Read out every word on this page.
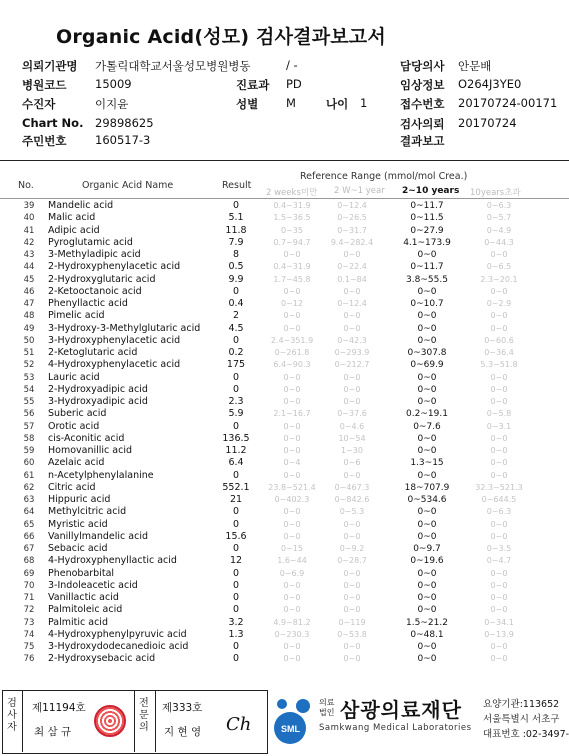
Organic Acid(성모) 검사결과보고서
의뢰기관명 가톨릭대학교서울성모병원병동	/ -	담당의사 안문배
병원코드 15009	진료과 PD	임상정보 O264J3YE0
수진자	이지윤	성별 M	나이 1	접수번호 20170724-00171
Chart No. 29898625	검사의뢰 20170724
주민번호 160517-3	결과보고
Reference Range (mmol/mol Crea.)
No.	Organic Acid Name	Result
2 weeks미만 2 W~1 year 2~10 years 10years초과
39	Mandelic acid	0	0.4~31.9	0~12.4	0~11.7	0~6.3
40	Malic acid	5.1	1.5~36.5	0~26.5	0~11.5	0~5.7
41	Adipic acid	11.8	0~35	0~31.7	0~27.9	0~4.9
42	Pyroglutamic acid	7.9	0.7~94.7	9.4~282.4	4.1~173.9	0~44.3
43	3-Methyladipic acid	8	0~0	0~0	0~0	0~0
44	2-Hydroxyphenylacetic acid	0.5	0.4~31.9	0~22.4	0~11.7	0~6.5
45	2-Hydroxyglutaric acid	9.9	1.7~45.8	0.1~84	3.8~55.5	2.3~20.1
46	2-Ketooctanoic acid	0	0~0	0~0	0~0	0~0
47	Phenyllactic acid	0.4	0~12	0~12.4	0~10.7	0~2.9
48	Pimelic acid	2	0~0	0~0	0~0	0~0
49	3-Hydroxy-3-Methylglutaric acid	4.5	0~0	0~0	0~0	0~0
50	3-Hydroxyphenylacetic acid	0	2.4~351.9	0~42.3	0~0	0~60.6
51	2-Ketoglutaric acid	0.2	0~261.8	0~293.9	0~307.8	0~36.4
52	4-Hydroxyphenylacetic acid	175	6.4~90.3	0~212.7	0~69.9	5.3~51.8
53	Lauric acid	0	0~0	0~0	0~0	0~0
54	2-Hydroxyadipic acid	0	0~0	0~0	0~0	0~0
55	3-Hydroxyadipic acid	2.3	0~0	0~0	0~0	0~0
56	Suberic acid	5.9	2.1~16.7	0~37.6	0.2~19.1	0~5.8
57	Orotic acid	0	0~0	0~4.6	0~7.6	0~3.1
58	cis-Aconitic acid	136.5	0~0	10~54	0~0	0~0
59	Homovanillic acid	11.2	0~0	1~30	0~0	0~0
60	Azelaic acid	6.4	0~4	0~6	1.3~15	0~0
61	n-Acetylphenylalanine	0	0~0	0~0	0~0	0~0
62	Citric acid	552.1	23.8~521.4	0~467.3	18~707.9	32.3~521.3
63	Hippuric acid	21	0~402.3	0~842.6	0~534.6	0~644.5
64	Methylcitric acid	0	0~0	0~5.3	0~0	0~6.3
65	Myristic acid	0	0~0	0~0	0~0	0~0
66	Vanillylmandelic acid	15.6	0~0	0~0	0~0	0~0
67	Sebacic acid	0	0~15	0~9.2	0~9.7	0~3.5
68	4-Hydroxyphenyllactic acid	12	1.6~44	0~28.7	0~19.6	0~4.7
69	Phenobarbital	0	0~6.9	0~0	0~0	0~0
70	3-Indoleacetic acid	0	0~0	0~0	0~0	0~0
71	Vanillactic acid	0	0~0	0~0	0~0	0~0
72	Palmitoleic acid	0	0~0	0~0	0~0	0~0
73	Palmitic acid	3.2	4.9~81.2	0~119	1.5~21.2	0~34.1
74	4-Hydroxyphenylpyruvic acid	1.3	0~230.3	0~53.8	0~48.1	0~13.9
75	3-Hydroxydodecanedioic acid	0	0~0	0~0	0~0	0~0
76	2-Hydroxysebacic acid	0	0~0	0~0	0~0	0~0
검사자
제11194호
최 삼 규
전문의
제333호
지 현 영 Ch	SML
의료
법인 삼광의료재단
Samkwang Medical Laboratories
요양기관:113652
서울특별시 서초구
대표번호 :02-3497-
